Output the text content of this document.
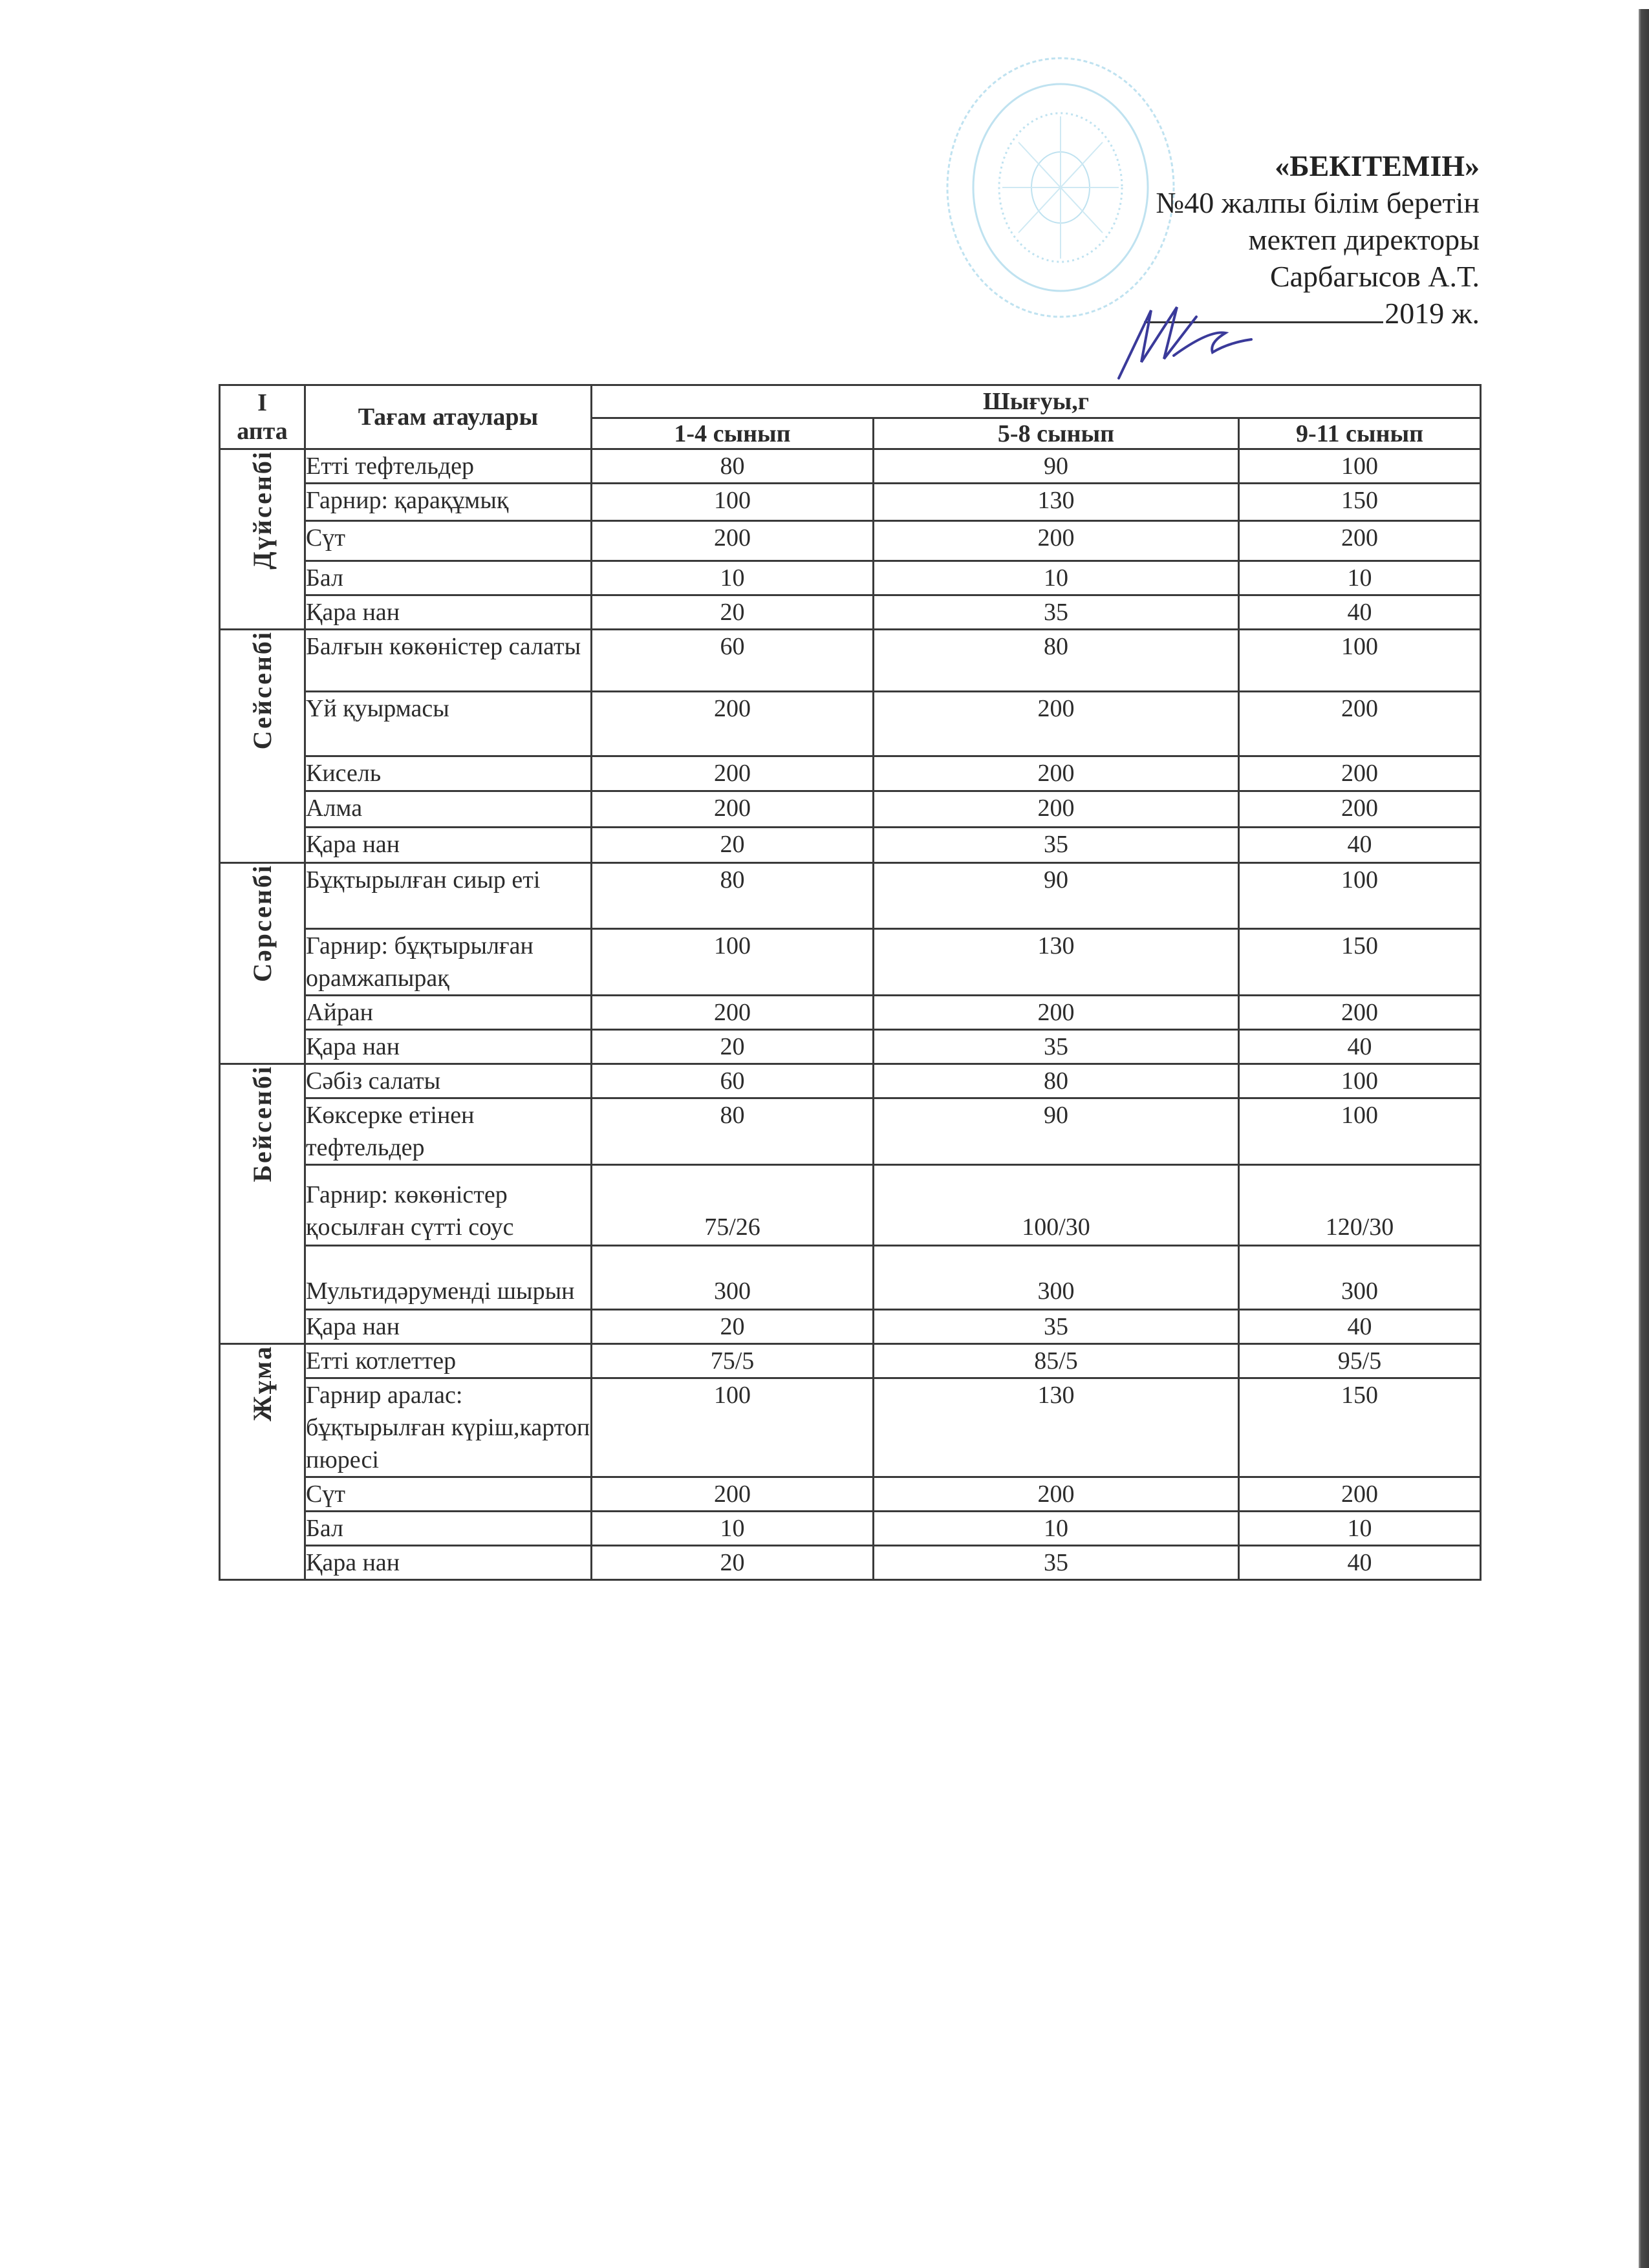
«БЕКІТЕМІН»
№40 жалпы білім беретін
мектеп директоры
Сарбагысов А.Т.
2019 ж.
I
апта	Тағам атаулары	Шығуы,г		
		1-4 сынып	5-8 сынып	9-11 сынып
Дүйсенбі	Етті тефтельдер	80	90	100
	Гарнир: қарақұмық	100	130	150
	Сүт	200	200	200
	Бал	10	10	10
	Қара нан	20	35	40
Сейсенбі	Балғын көкөністер салаты	60	80	100
	Үй қуырмасы	200	200	200
	Кисель	200	200	200
	Алма	200	200	200
	Қара нан	20	35	40
Сәрсенбі	Бұқтырылған сиыр еті	80	90	100
	Гарнир: бұқтырылған орамжапырақ	100	130	150
	Айран	200	200	200
	Қара нан	20	35	40
Бейсенбі	Сәбіз салаты	60	80	100
	Көксерке етінен тефтельдер	80	90	100
	Гарнир: көкөністер қосылған сүтті соус	75/26	100/30	120/30
	Мультидәруменді шырын	300	300	300
	Қара нан	20	35	40
Жұма	Етті котлеттер	75/5	85/5	95/5
	Гарнир аралас: бұқтырылған күріш,картоп пюресі	100	130	150
	Сүт	200	200	200
	Бал	10	10	10
	Қара нан	20	35	40
